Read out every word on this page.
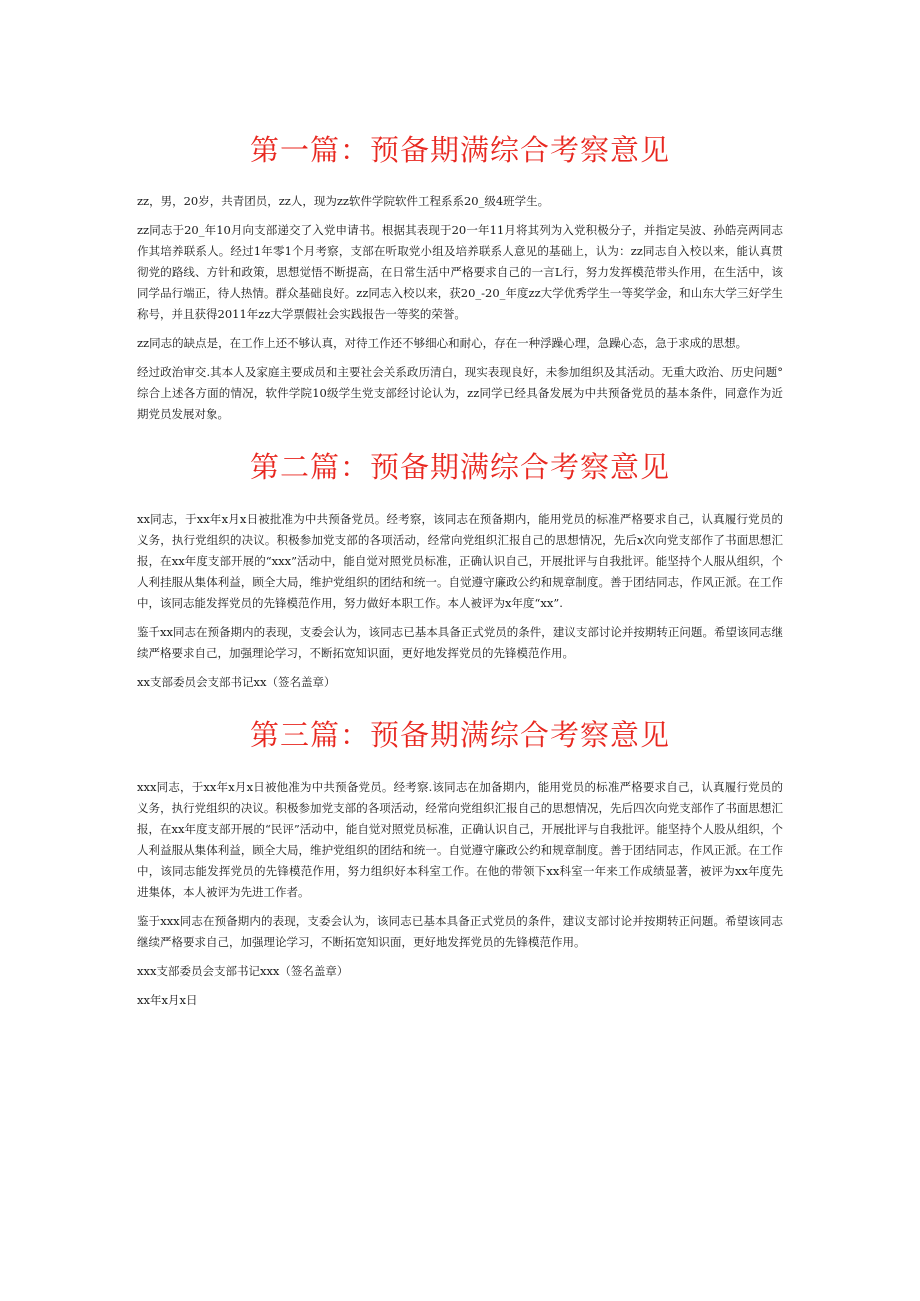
第一篇：预备期满综合考察意见

zz，男，20岁，共青团员，zz人，现为zz软件学院软件工程系系20_级4班学生。

zz同志于20_年10月向支部递交了入党申请书。根据其表现于20一年11月将其列为入党积极分子，并指定吴波、孙皓亮两同志作其培养联系人。经过1年零1个月考察，支部在听取党小组及培养联系人意见的基础上，认为：zz同志自入校以来，能认真贯彻党的路线、方针和政策，思想觉悟不断提高，在日常生活中严格要求自己的一言L行，努力发挥模范带头作用，在生活中，该同学品行端正，待人热情。群众基础良好。zz同志入校以来，获20_-20_年度zz大学优秀学生一等奖学金，和山东大学三好学生称号，并且获得2011年zz大学票假社会实践报告一等奖的荣誉。

zz同志的缺点是，在工作上还不够认真，对待工作还不够细心和耐心，存在一种浮躁心理，急躁心态，急于求成的思想。

经过政治审交.其本人及家庭主要成员和主要社会关系政历清白，现实表现良好，未参加组织及其活动。无重大政治、历史问题°综合上述各方面的情况，软件学院10级学生党支部经讨论认为，zz同学已经具备发展为中共预备党员的基本条件，同意作为近期党员发展对象。

第二篇：预备期满综合考察意见

xx同志，于xx年x月x日被批准为中共预备党员。经考察，该同志在预备期内，能用党员的标准严格要求自己，认真履行党员的义务，执行党组织的决议。积极参加党支部的各项活动，经常向党组织汇报自己的思想情况，先后x次向党支部作了书面思想汇报，在xx年度支部开展的“xxx”活动中，能自觉对照党员标准，正确认识自己，开展批评与自我批评。能坚持个人服从组织，个人利挂服从集体利益，顾全大局，维护党组织的团结和统一。自觉遵守廉政公约和规章制度。善于团结同志，作风正派。在工作中，该同志能发挥党员的先锋模范作用，努力做好本职工作。本人被评为x年度“xx”.

鉴千xx同志在预备期内的表现，支委会认为，该同志已基本具备正式党员的条件，建议支部讨论并按期转正问题。希望该同志继续严格要求自己，加强理论学习，不断拓宽知识面，更好地发挥党员的先锋模范作用。

xx支部委员会支部书记xx（签名盖章）

第三篇：预备期满综合考察意见

xxx同志，于xx年x月x日被他准为中共预备党员。经考察.该同志在加备期内，能用党员的标准严格要求自己，认真履行党员的义务，执行党组织的决议。积极参加党支部的各项活动，经常向党组织汇报自己的思想情况，先后四次向党支部作了书面思想汇报，在xx年度支部开展的“民评”活动中，能自觉对照党员标准，正确认识自己，开展批评与自我批评。能坚持个人股从组织，个人利益服从集体利益，顾全大局，维护党组织的团结和统一。自觉遵守廉政公约和规章制度。善于团结同志，作风正派。在工作中，该同志能发挥党员的先锋模范作用，努力组织好本科室工作。在他的带领下xx科室一年来工作成绩显著，被评为xx年度先进集体，本人被评为先进工作者。

鉴于xxx同志在预备期内的表现，支委会认为，该同志已基本具备正式党员的条件，建议支部讨论并按期转正问题。希望该同志继续严格要求自己，加强理论学习，不断拓宽知识面，更好地发挥党员的先锋模范作用。

xxx支部委员会支部书记xxx（签名盖章）

xx年x月x日
